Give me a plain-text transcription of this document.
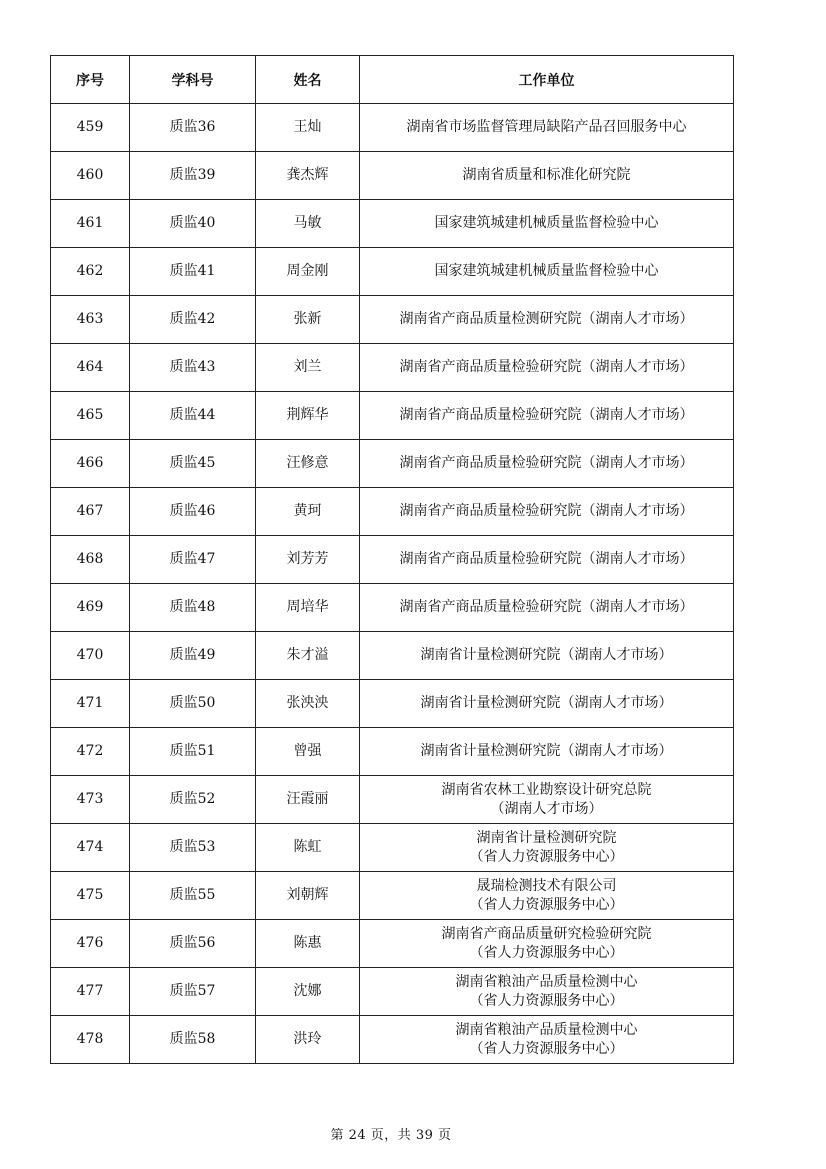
序号	学科号	姓名	工作单位
459	质监36	王灿	湖南省市场监督管理局缺陷产品召回服务中心

460	质监39	龚杰辉	湖南省质量和标准化研究院

461	质监40	马敏	国家建筑城建机械质量监督检验中心

462	质监41	周金刚	国家建筑城建机械质量监督检验中心

463	质监42	张新	湖南省产商品质量检测研究院（湖南人才市场）

464	质监43	刘兰	湖南省产商品质量检验研究院（湖南人才市场）

465	质监44	荆辉华	湖南省产商品质量检验研究院（湖南人才市场）

466	质监45	汪修意	湖南省产商品质量检验研究院（湖南人才市场）

467	质监46	黄珂	湖南省产商品质量检验研究院（湖南人才市场）

468	质监47	刘芳芳	湖南省产商品质量检验研究院（湖南人才市场）

469	质监48	周培华	湖南省产商品质量检验研究院（湖南人才市场）

470	质监49	朱才溢	湖南省计量检测研究院（湖南人才市场）

471	质监50	张泱泱	湖南省计量检测研究院（湖南人才市场）

472	质监51	曾强	湖南省计量检测研究院（湖南人才市场）

473	质监52	汪霞丽	湖南省农林工业勘察设计研究总院
（湖南人才市场）

474	质监53	陈虹	湖南省计量检测研究院
（省人力资源服务中心）

475	质监55	刘朝辉	晟瑞检测技术有限公司
（省人力资源服务中心）

476	质监56	陈惠	湖南省产商品质量研究检验研究院
（省人力资源服务中心）

477	质监57	沈娜	湖南省粮油产品质量检测中心
（省人力资源服务中心）

478	质监58	洪玲	湖南省粮油产品质量检测中心
（省人力资源服务中心）
第 24 页，共 39 页
